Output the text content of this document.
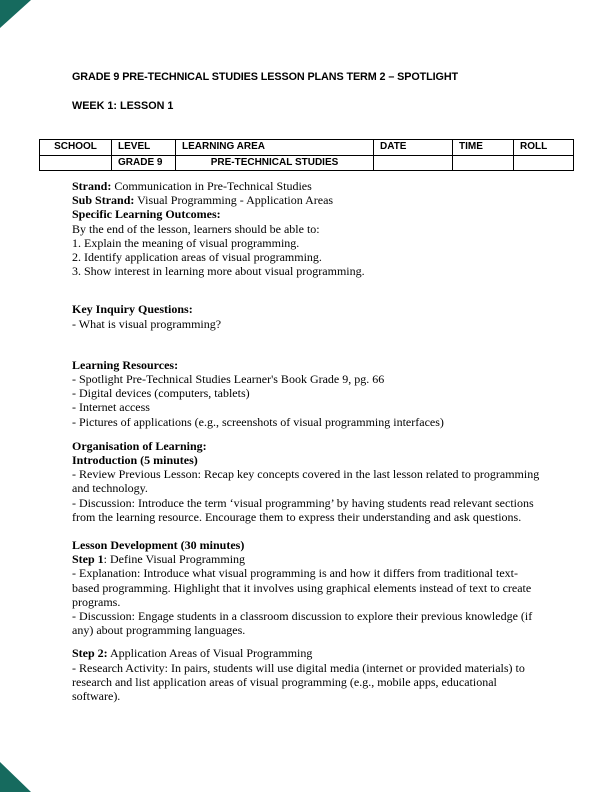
GRADE 9 PRE-TECHNICAL STUDIES LESSON PLANS TERM 2 – SPOTLIGHT
WEEK 1: LESSON 1
SCHOOL	LEVEL	LEARNING AREA	DATE	TIME	ROLL
	GRADE 9	PRE-TECHNICAL STUDIES			

Strand: Communication in Pre-Technical Studies

Sub Strand: Visual Programming - Application Areas

Specific Learning Outcomes:

By the end of the lesson, learners should be able to:

1. Explain the meaning of visual programming.

2. Identify application areas of visual programming.

3. Show interest in learning more about visual programming.

Key Inquiry Questions:

- What is visual programming?

Learning Resources:

- Spotlight Pre-Technical Studies Learner's Book Grade 9, pg. 66

- Digital devices (computers, tablets)

- Internet access

- Pictures of applications (e.g., screenshots of visual programming interfaces)

Organisation of Learning:

Introduction (5 minutes)

- Review Previous Lesson: Recap key concepts covered in the last lesson related to programming and technology.

- Discussion: Introduce the term ‘visual programming’ by having students read relevant sections from the learning resource. Encourage them to express their understanding and ask questions.

Lesson Development (30 minutes)

Step 1: Define Visual Programming

- Explanation: Introduce what visual programming is and how it differs from traditional text-based programming. Highlight that it involves using graphical elements instead of text to create programs.

- Discussion: Engage students in a classroom discussion to explore their previous knowledge (if any) about programming languages.

Step 2: Application Areas of Visual Programming

- Research Activity: In pairs, students will use digital media (internet or provided materials) to research and list application areas of visual programming (e.g., mobile apps, educational software).
